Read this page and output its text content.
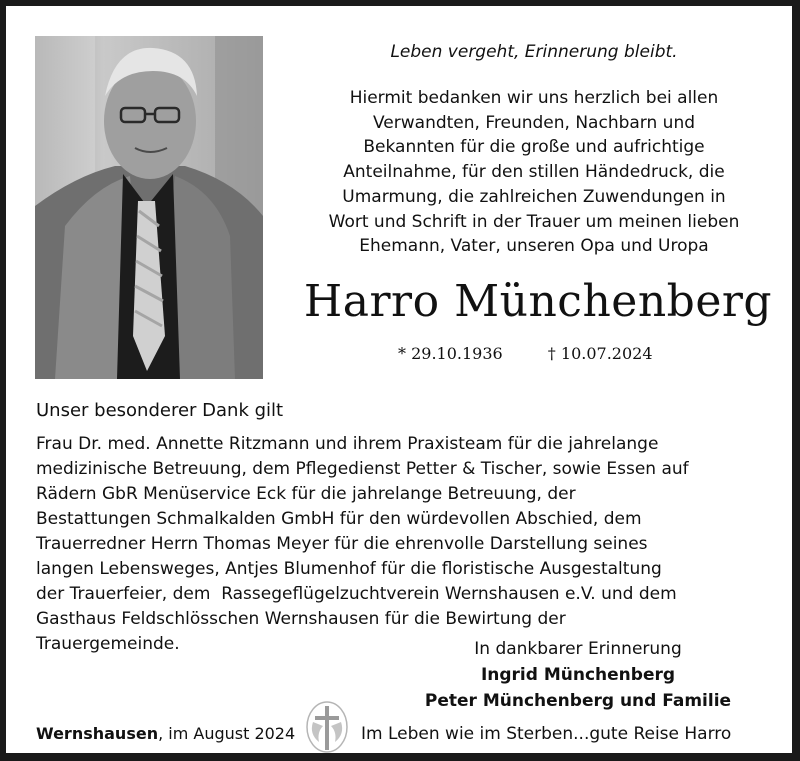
Leben vergeht, Erinnerung bleibt.
Hiermit bedanken wir uns herzlich bei allen
Verwandten, Freunden, Nachbarn und
Bekannten für die große und aufrichtige
Anteilnahme, für den stillen Händedruck, die
Umarmung, die zahlreichen Zuwendungen in
Wort und Schrift in der Trauer um meinen lieben
Ehemann, Vater, unseren Opa und Uropa
Harro Münchenberg
* 29.10.1936	† 10.07.2024
Unser besonderer Dank gilt
Frau Dr. med. Annette Ritzmann und ihrem Praxisteam für die jahrelange
medizinische Betreuung, dem Pflegedienst Petter & Tischer, sowie Essen auf
Rädern GbR Menüservice Eck für die jahrelange Betreuung, der
Bestattungen Schmalkalden GmbH für den würdevollen Abschied, dem
Trauerredner Herrn Thomas Meyer für die ehrenvolle Darstellung seines
langen Lebensweges, Antjes Blumenhof für die floristische Ausgestaltung
der Trauerfeier, dem  Rassegeflügelzuchtverein Wernshausen e.V. und dem
Gasthaus Feldschlösschen Wernshausen für die Bewirtung der
Trauergemeinde.	In dankbarer Erinnerung
Ingrid Münchenberg
Peter Münchenberg und Familie
Wernshausen, im August 2024	Im Leben wie im Sterben...gute Reise Harro
